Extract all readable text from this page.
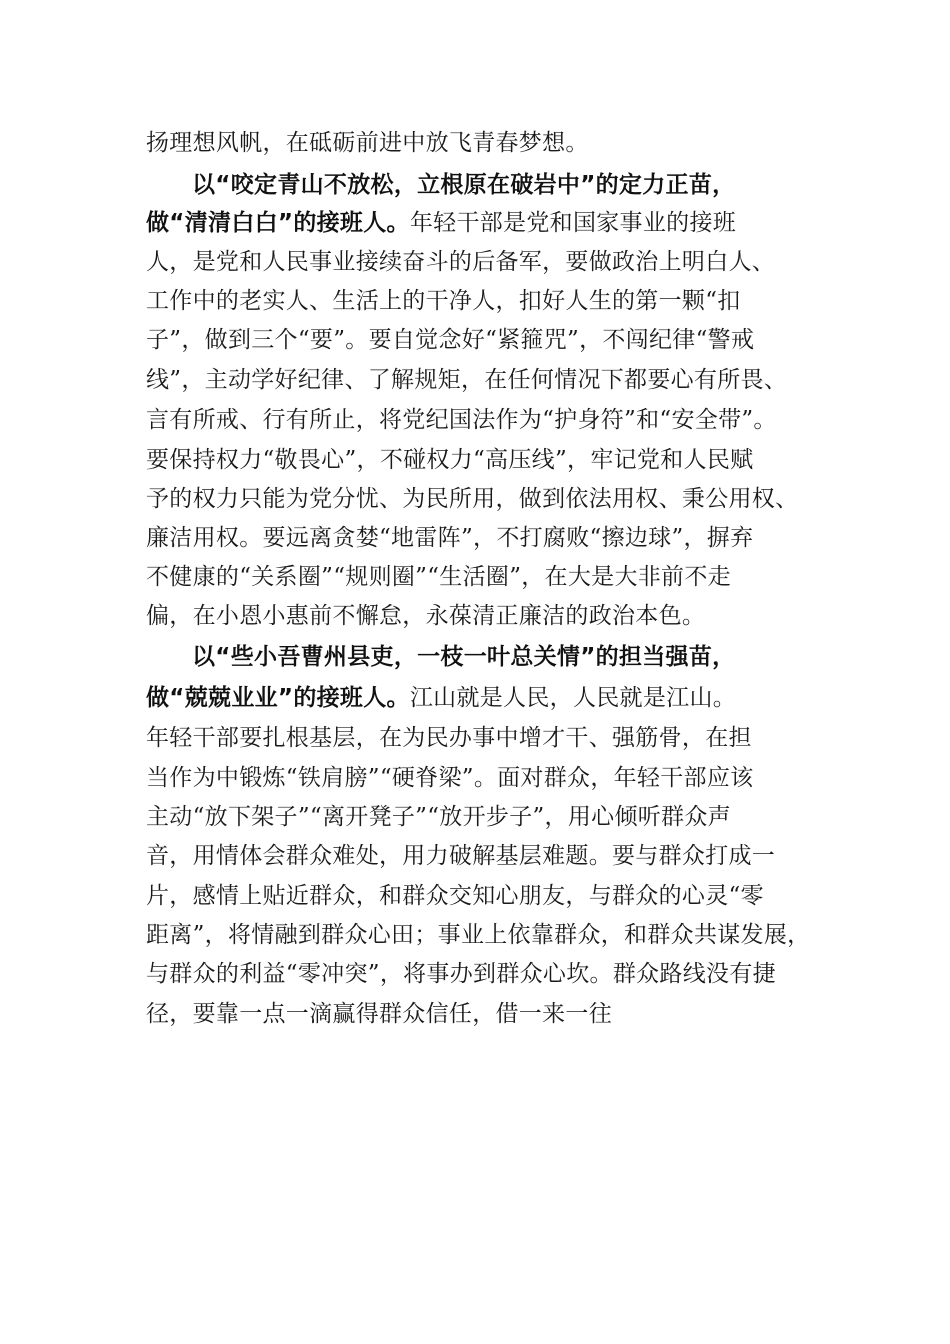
扬理想风帆，在砥砺前进中放飞青春梦想。
以“咬定青山不放松，立根原在破岩中”的定力正苗，
做“清清白白”的接班人。年轻干部是党和国家事业的接班
人，是党和人民事业接续奋斗的后备军，要做政治上明白人、
工作中的老实人、生活上的干净人，扣好人生的第一颗“扣
子”，做到三个“要”。要自觉念好“紧箍咒”，不闯纪律“警戒
线”，主动学好纪律、了解规矩，在任何情况下都要心有所畏、
言有所戒、行有所止，将党纪国法作为“护身符”和“安全带”。
要保持权力“敬畏心”，不碰权力“高压线”，牢记党和人民赋
予的权力只能为党分忧、为民所用，做到依法用权、秉公用权、
廉洁用权。要远离贪婪“地雷阵”，不打腐败“擦边球”，摒弃
不健康的“关系圈”“规则圈”“生活圈”，在大是大非前不走
偏，在小恩小惠前不懈怠，永葆清正廉洁的政治本色。
以“些小吾曹州县吏，一枝一叶总关情”的担当强苗，
做“兢兢业业”的接班人。江山就是人民，人民就是江山。
年轻干部要扎根基层，在为民办事中增才干、强筋骨，在担
当作为中锻炼“铁肩膀”“硬脊梁”。面对群众，年轻干部应该
主动“放下架子”“离开凳子”“放开步子”，用心倾听群众声
音，用情体会群众难处，用力破解基层难题。要与群众打成一
片，感情上贴近群众，和群众交知心朋友，与群众的心灵“零
距离”，将情融到群众心田；事业上依靠群众，和群众共谋发展，
与群众的利益“零冲突”，将事办到群众心坎。群众路线没有捷
径，要靠一点一滴赢得群众信任，借一来一往
